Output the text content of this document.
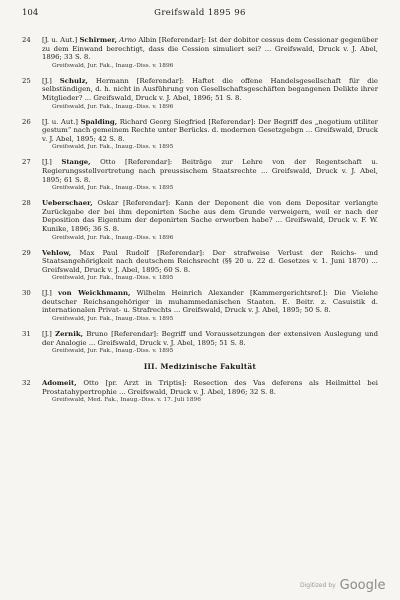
104	Greifswald 1895 96
24 [J. u. Aut.] Schirmer, Arno Albin [Referendar]: Ist der dobitor cessus dem Cessionar gegenüber zu dem Einwand berechtigt, dass die Cession simuliert sei? ... Greifswald, Druck v. J. Abel, 1896; 33 S. 8.
Greifswald, Jur. Fak., Inaug.-Diss. v. 1896
25 [J.] Schulz, Hermann [Referendar]: Haftet die offene Handelsgesellschaft für die selbständigen, d. h. nicht in Ausführung von Gesellschaftsgeschäften begangenen Delikte ihrer Mitglieder? ... Greifswald, Druck v. J. Abel, 1896; 51 S. 8.
Greifswald, Jur. Fak., Inaug.-Diss. v. 1896
26 [J. u. Aut.] Spalding, Richard Georg Siegfried [Referendar]: Der Begriff des „negotium utiliter gestum“ nach gemeinem Rechte unter Berücks. d. modernen Gesetzgebgn ... Greifswald, Druck v. J. Abel, 1895; 42 S. 8.
Greifswald, Jur. Fak., Inaug.-Diss. v. 1895
27 [J.] Stange, Otto [Referendar]: Beiträge zur Lehre von der Regentschaft u. Regierungsstellvertretung nach preussischem Staatsrechte ... Greifswald, Druck v. J. Abel, 1895; 61 S. 8.
Greifswald, Jur. Fak., Inaug.-Diss. v. 1895
28 Ueberschaer, Oskar [Referendar]: Kann der Deponent die von dem Depositar verlangte Zurückgabe der bei ihm deponirten Sache aus dem Grunde verweigern, weil er nach der Deposition das Eigentum der deponirten Sache erworben habe? ... Greifswald, Druck v. F. W. Kunike, 1896; 36 S. 8.
Greifswald, Jur. Fak., Inaug.-Diss. v. 1896
29 Vehlow, Max Paul Rudolf [Referendar]: Der strafweise Verlust der Reichs- und Staatsangehörigkeit nach deutschem Reichsrecht (§§ 20 u. 22 d. Gesetzes v. 1. Juni 1870) ... Greifswald, Druck v. J. Abel, 1895; 60 S. 8.
Greifswald, Jur. Fak., Inaug.-Diss. v. 1895
30 [J.] von Weickhmann, Wilhelm Heinrich Alexander [Kammergerichtsref.]: Die Vielehe deutscher Reichsangehöriger in muhammedanischen Staaten. E. Beitr. z. Casuistik d. internationalen Privat- u. Strafrechts ... Greifswald, Druck v. J. Abel, 1895; 50 S. 8.
Greifswald, Jur. Fak., Inaug.-Diss. v. 1895
31 [J.] Zernik, Bruno [Referendar]: Begriff und Voraussetzungen der extensiven Auslegung und der Analogie ... Greifswald, Druck v. J. Abel, 1895; 51 S. 8.
Greifswald, Jur. Fak., Inaug.-Diss. v. 1895
III. Medizinische Fakultät
32 Adomeit, Otto [pr. Arzt in Triptis]: Resection des Vas deferens als Heilmittel bei Prostatahypertrophie ... Greifswald, Druck v. J. Abel, 1896; 32 S. 8.
Greifswald, Med. Fak., Inaug.-Diss. v. 17. Juli 1896
Digitized by Google
